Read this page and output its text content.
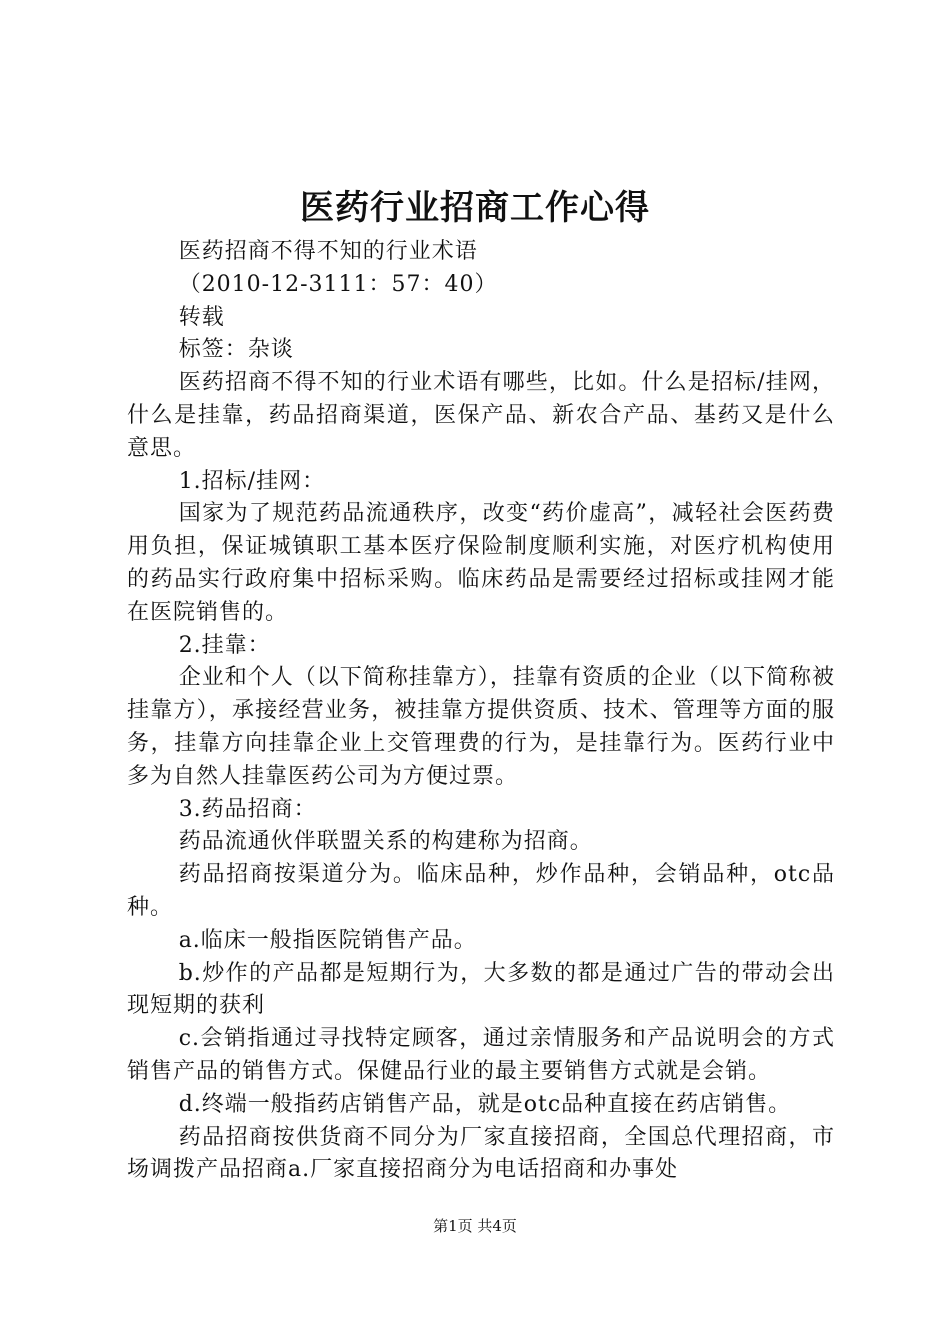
医药行业招商工作心得

医药招商不得不知的行业术语

（2010-12-3111：57：40）

转载

标签：杂谈

医药招商不得不知的行业术语有哪些，比如。什么是招标/挂网，什么是挂靠，药品招商渠道，医保产品、新农合产品、基药又是什么意思。

1.招标/挂网：

国家为了规范药品流通秩序，改变“药价虚高”，减轻社会医药费用负担，保证城镇职工基本医疗保险制度顺利实施，对医疗机构使用的药品实行政府集中招标采购。临床药品是需要经过招标或挂网才能在医院销售的。

2.挂靠：

企业和个人（以下简称挂靠方），挂靠有资质的企业（以下简称被挂靠方），承接经营业务，被挂靠方提供资质、技术、管理等方面的服务，挂靠方向挂靠企业上交管理费的行为，是挂靠行为。医药行业中多为自然人挂靠医药公司为方便过票。

3.药品招商：

药品流通伙伴联盟关系的构建称为招商。

药品招商按渠道分为。临床品种，炒作品种，会销品种，otc品种。

a.临床一般指医院销售产品。

b.炒作的产品都是短期行为，大多数的都是通过广告的带动会出现短期的获利

c.会销指通过寻找特定顾客，通过亲情服务和产品说明会的方式销售产品的销售方式。保健品行业的最主要销售方式就是会销。

d.终端一般指药店销售产品，就是otc品种直接在药店销售。

药品招商按供货商不同分为厂家直接招商，全国总代理招商，市场调拨产品招商a.厂家直接招商分为电话招商和办事处

第1页 共4页
